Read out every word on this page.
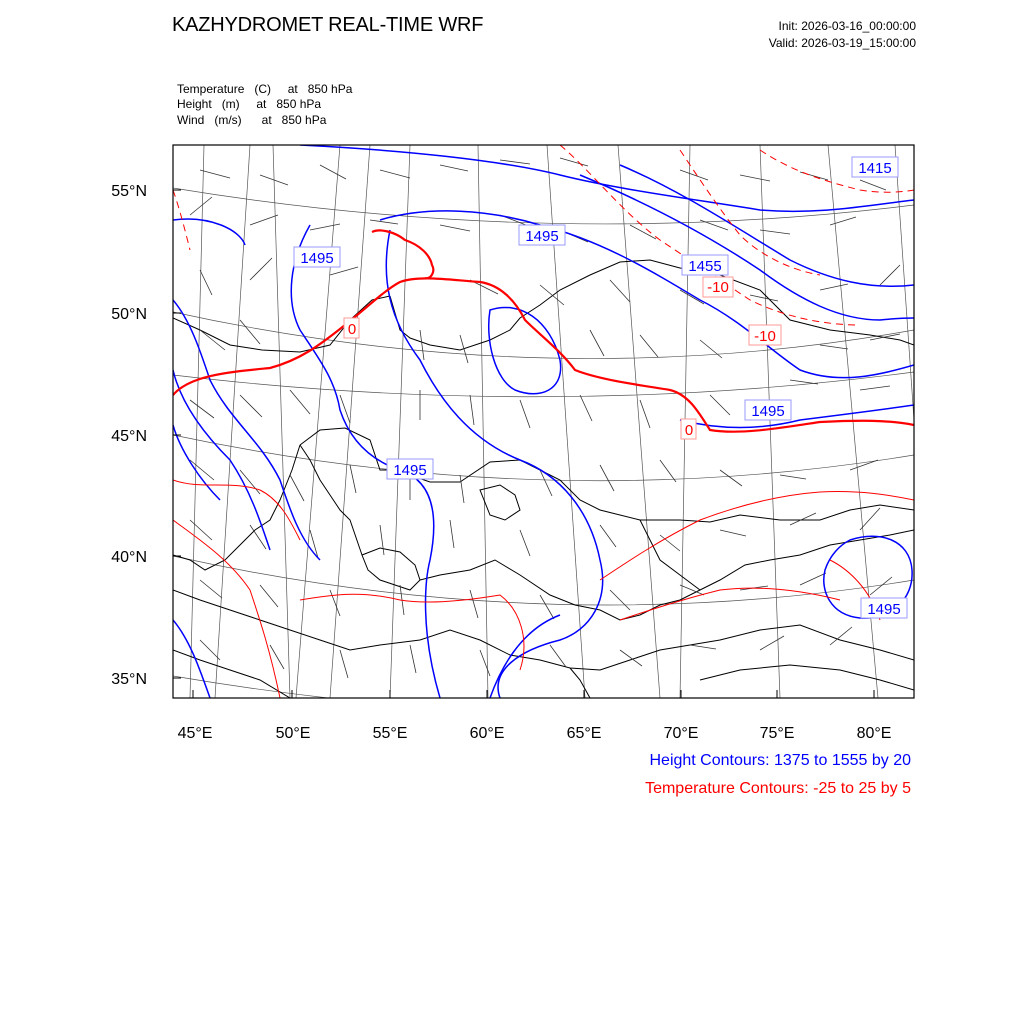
KAZHYDROMET REAL-TIME WRF	Init: 2026-03-16_00:00:00
Valid: 2026-03-19_15:00:00
Temperature   (C)     at   850 hPa
Height   (m)     at   850 hPa
Wind   (m/s)      at   850 hPa
1415
1495
1495
1455
1495
1495
1495
0
-10
-10
0
55°N
50°N
45°N
40°N
35°N
45°E	50°E	55°E	60°E	65°E	70°E	75°E	80°E
Height Contours: 1375 to 1555 by 20
Temperature Contours: -25 to 25 by 5
